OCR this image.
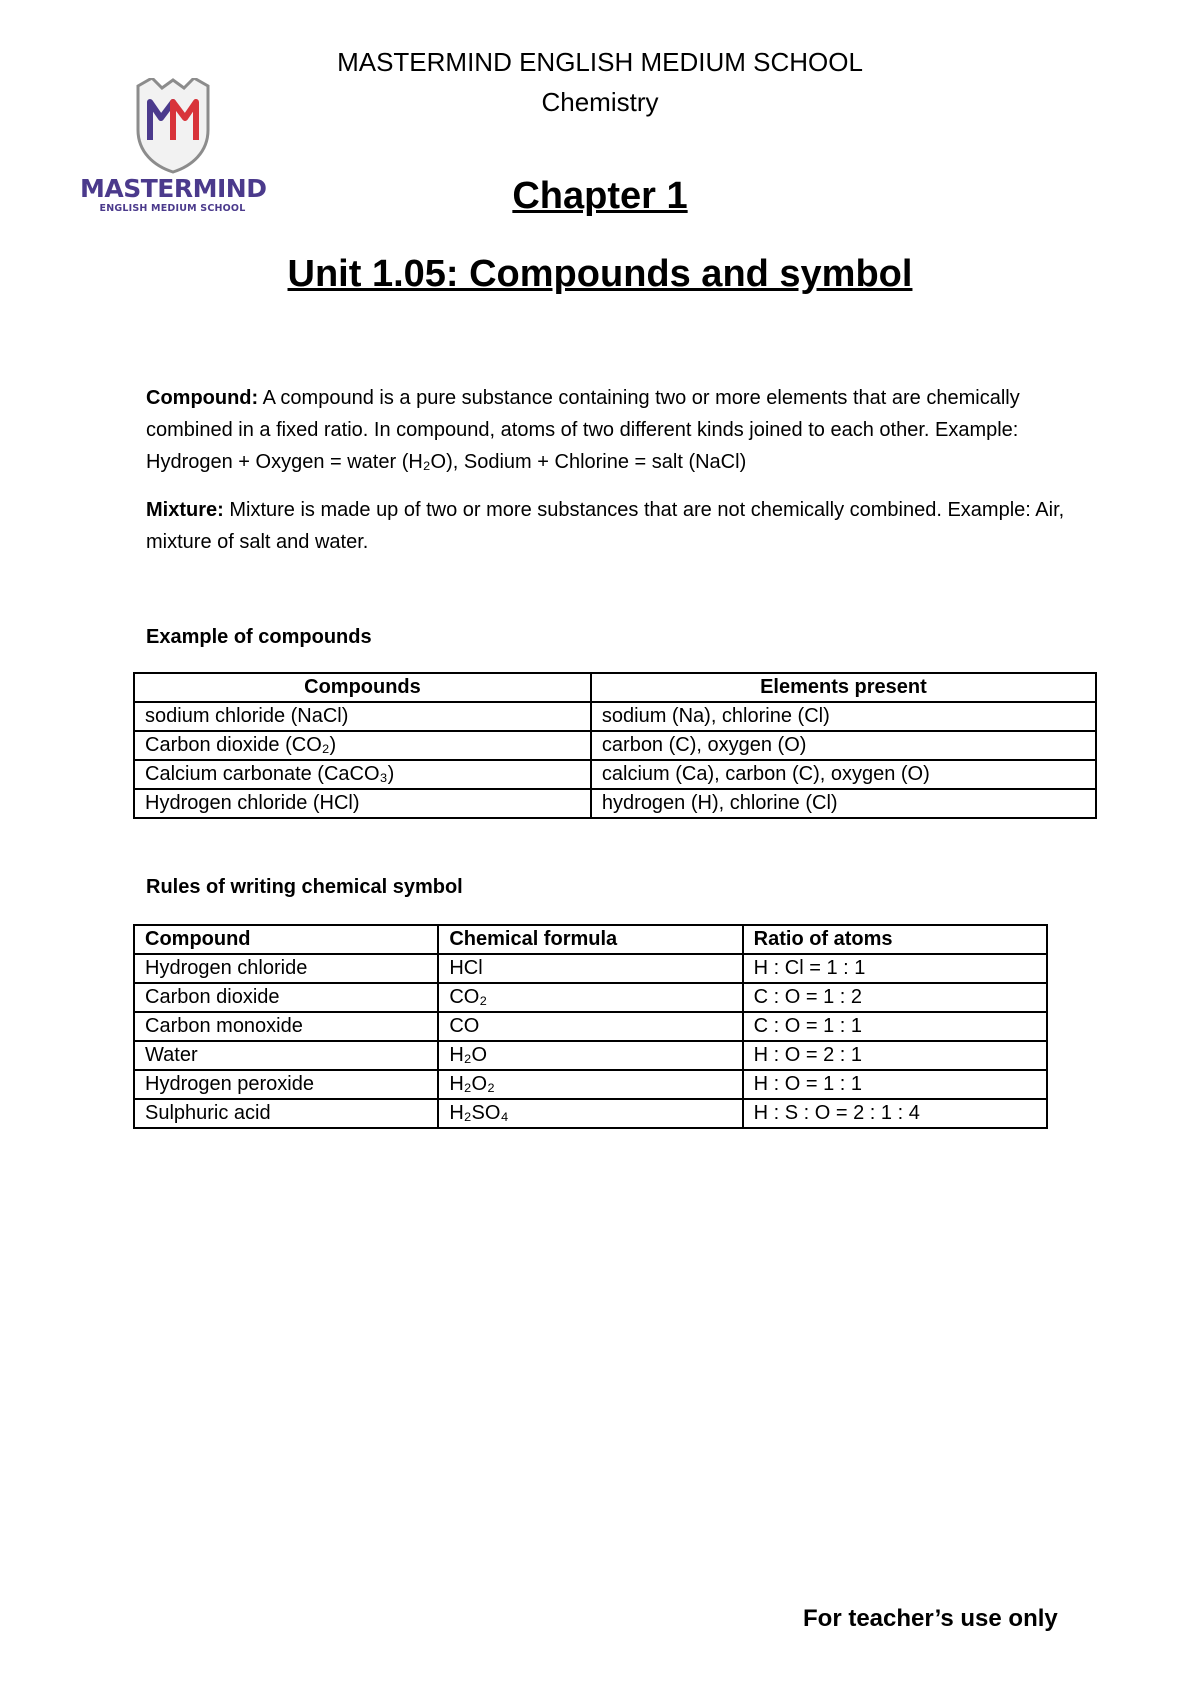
MASTERMIND
ENGLISH MEDIUM SCHOOL
MASTERMIND ENGLISH MEDIUM SCHOOL
Chemistry
Chapter 1
Unit 1.05: Compounds and symbol
Compound: A compound is a pure substance containing two or more elements that are chemically combined in a fixed ratio. In compound, atoms of two different kinds joined to each other. Example: Hydrogen + Oxygen = water (H₂O), Sodium + Chlorine = salt (NaCl)
Mixture: Mixture is made up of two or more substances that are not chemically combined. Example: Air, mixture of salt and water.
Example of compounds
Compounds	Elements present
sodium chloride (NaCl)	sodium (Na), chlorine (Cl)
Carbon dioxide (CO₂)	carbon (C), oxygen (O)
Calcium carbonate (CaCO₃)	calcium (Ca), carbon (C), oxygen (O)
Hydrogen chloride (HCl)	hydrogen (H), chlorine (Cl)
Rules of writing chemical symbol
Compound	Chemical formula	Ratio of atoms
Hydrogen chloride	HCl	H : Cl = 1 : 1
Carbon dioxide	CO₂	C : O = 1 : 2
Carbon monoxide	CO	C : O = 1 : 1
Water	H₂O	H : O = 2 : 1
Hydrogen peroxide	H₂O₂	H : O = 1 : 1
Sulphuric acid	H₂SO₄	H : S : O = 2 : 1 : 4
For teacher’s use only
